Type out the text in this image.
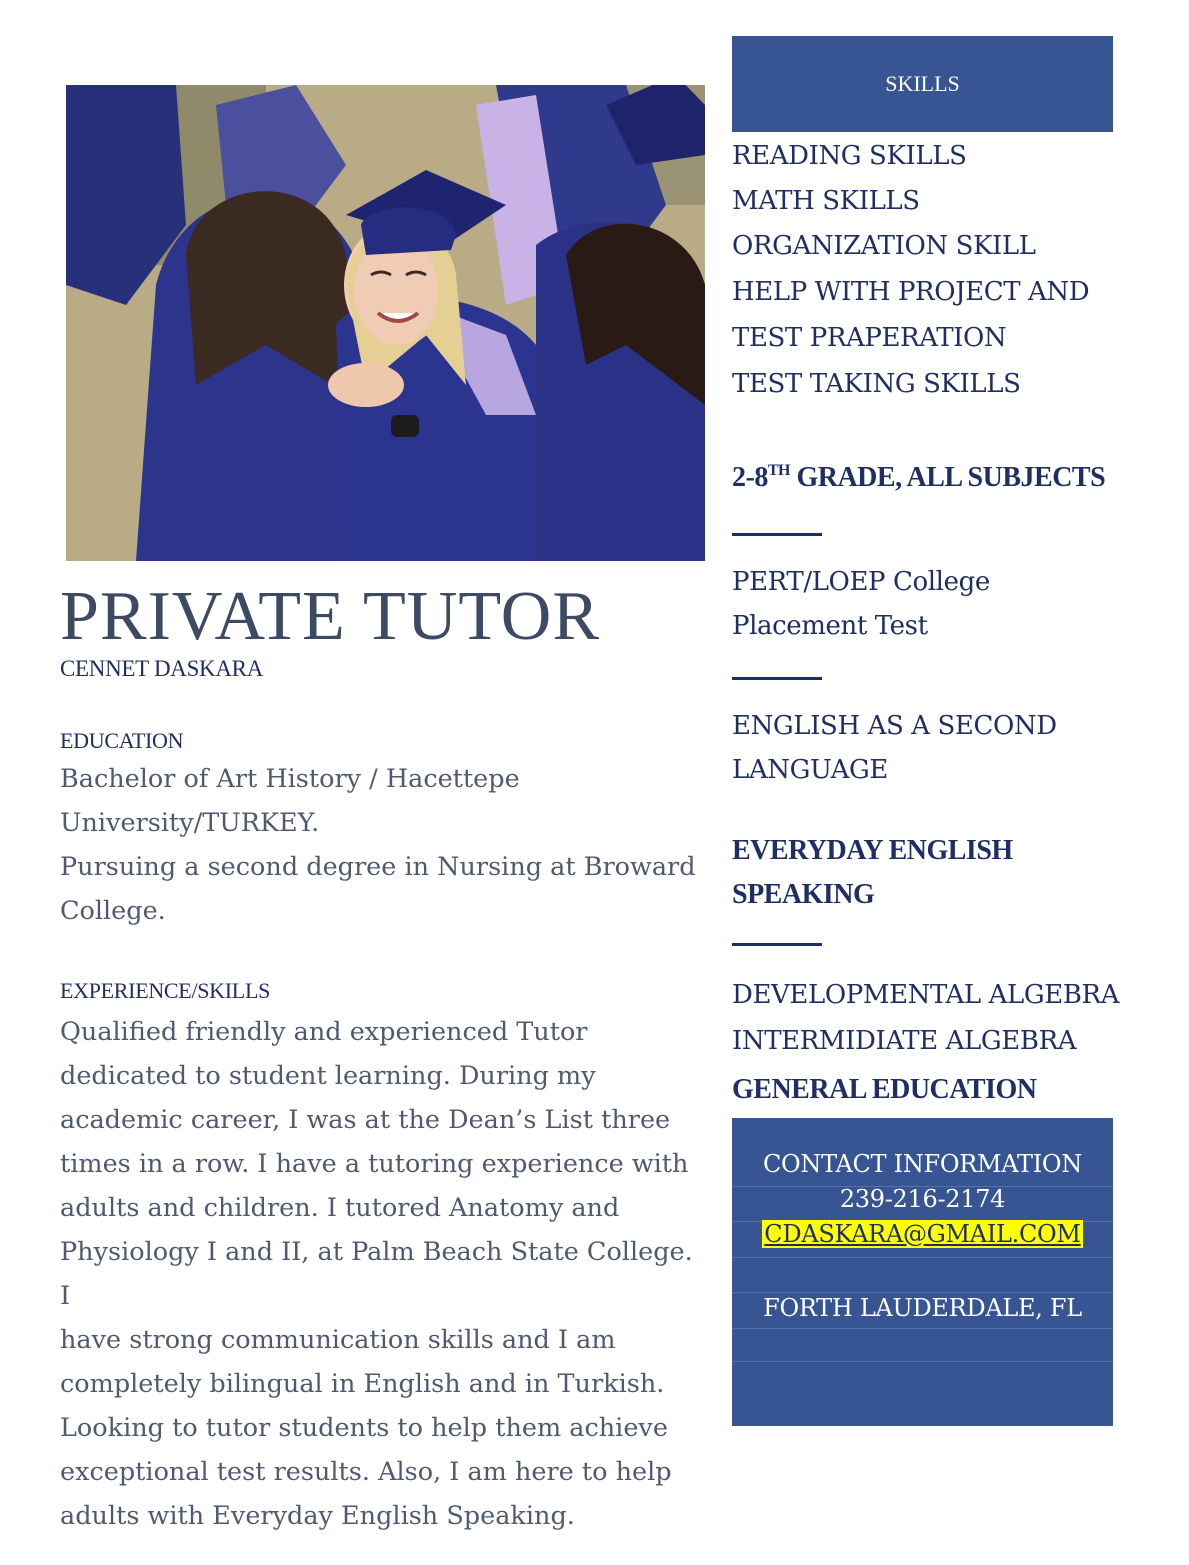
PRIVATE TUTOR

CENNET DASKARA

EDUCATION

Bachelor of Art History / Hacettepe
University/TURKEY.
Pursuing a second degree in Nursing at Broward
College.

EXPERIENCE/SKILLS

Qualified friendly and experienced Tutor
dedicated to student learning. During my
academic career, I was at the Dean’s List three
times in a row. I have a tutoring experience with
adults and children. I tutored Anatomy and
Physiology I and II, at Palm Beach State College. I
have strong communication skills and I am
completely bilingual in English and in Turkish.
Looking to tutor students to help them achieve
exceptional test results. Also, I am here to help
adults with Everyday English Speaking.
SKILLS
READING SKILLS
MATH SKILLS
ORGANIZATION SKILL
HELP WITH PROJECT AND
TEST PRAPERATION
TEST TAKING SKILLS

2-8TH GRADE, ALL SUBJECTS

PERT/LOEP College
Placement Test
ENGLISH AS A SECOND
LANGUAGE
EVERYDAY ENGLISH
SPEAKING
DEVELOPMENTAL ALGEBRA
INTERMIDIATE ALGEBRA

GENERAL EDUCATION

CONTACT INFORMATION
239-216-2174
CDASKARA@GMAIL.COM
FORTH LAUDERDALE, FL
